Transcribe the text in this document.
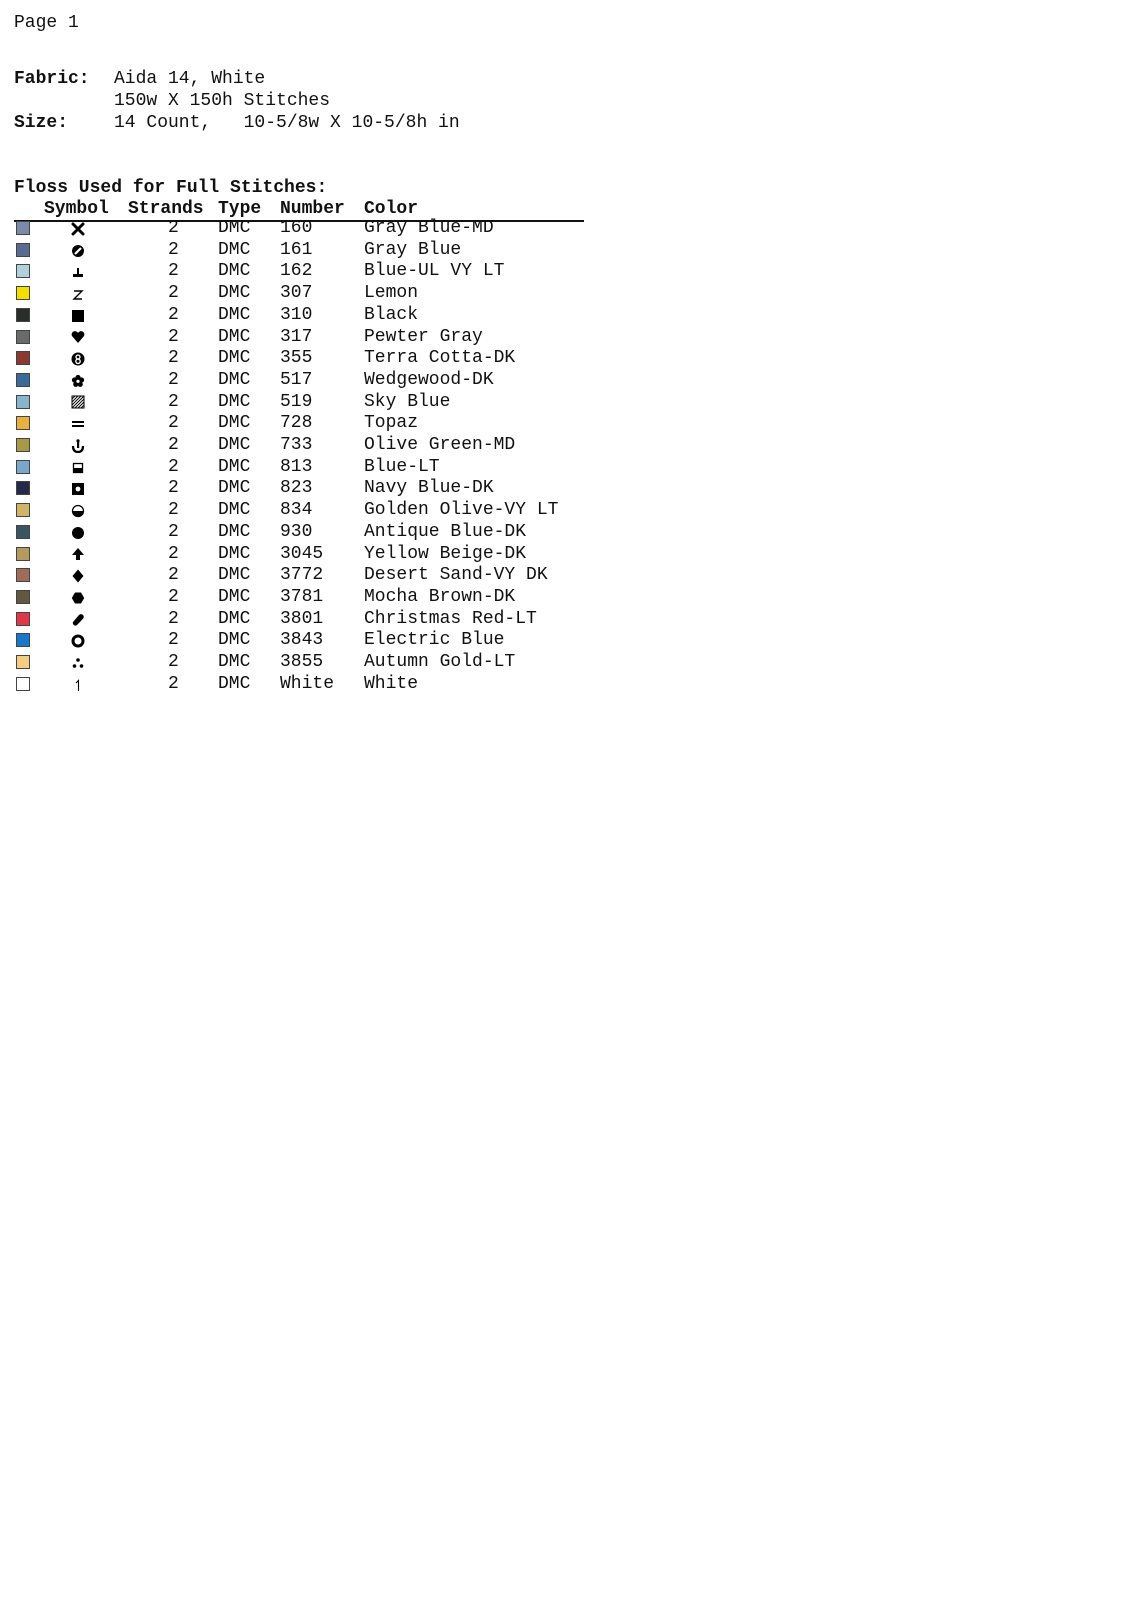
Page 1
Fabric: Aida 14, White
150w X 150h Stitches
Size:	14 Count,   10-5/8w X 10-5/8h in
Floss Used for Full Stitches:
Symbol Strands Type Number Color
2 DMC 160	Gray Blue-MD
2 DMC 161	Gray Blue
2 DMC 162	Blue-UL VY LT
2 DMC 307	Lemon
2 DMC 310	Black
2 DMC 317	Pewter Gray
2 DMC 355	Terra Cotta-DK
2 DMC 517	Wedgewood-DK
2 DMC 519	Sky Blue
2 DMC 728	Topaz
2 DMC 733	Olive Green-MD
2 DMC 813	Blue-LT
2 DMC 823	Navy Blue-DK
2 DMC 834	Golden Olive-VY LT
2 DMC 930	Antique Blue-DK
2 DMC 3045 Yellow Beige-DK
2 DMC 3772 Desert Sand-VY DK
2 DMC 3781 Mocha Brown-DK
2 DMC 3801 Christmas Red-LT
2 DMC 3843 Electric Blue
2 DMC 3855 Autumn Gold-LT
2 DMC White White
